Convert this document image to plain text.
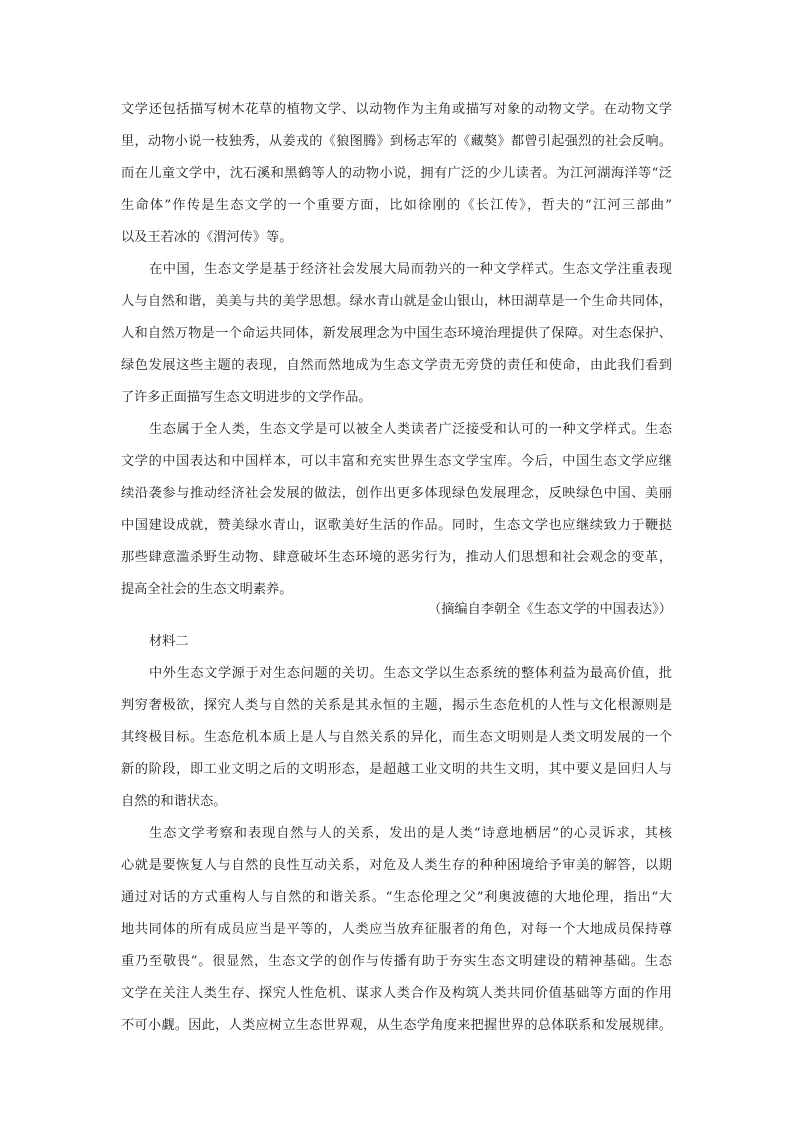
文学还包括描写树木花草的植物文学、以动物作为主角或描写对象的动物文学。在动物文学
里，动物小说一枝独秀，从姜戎的《狼图腾》到杨志军的《藏獒》都曾引起强烈的社会反响。
而在儿童文学中，沈石溪和黑鹤等人的动物小说，拥有广泛的少儿读者。为江河湖海洋等“泛
生命体”作传是生态文学的一个重要方面，比如徐刚的《长江传》，哲夫的“江河三部曲”
以及王若冰的《渭河传》等。
在中国，生态文学是基于经济社会发展大局而勃兴的一种文学样式。生态文学注重表现
人与自然和谐，美美与共的美学思想。绿水青山就是金山银山，林田湖草是一个生命共同体，
人和自然万物是一个命运共同体，新发展理念为中国生态环境治理提供了保障。对生态保护、
绿色发展这些主题的表现，自然而然地成为生态文学责无旁贷的责任和使命，由此我们看到
了许多正面描写生态文明进步的文学作品。
生态属于全人类，生态文学是可以被全人类读者广泛接受和认可的一种文学样式。生态
文学的中国表达和中国样本，可以丰富和充实世界生态文学宝库。今后，中国生态文学应继
续沿袭参与推动经济社会发展的做法，创作出更多体现绿色发展理念，反映绿色中国、美丽
中国建设成就，赞美绿水青山，讴歌美好生活的作品。同时，生态文学也应继续致力于鞭挞
那些肆意滥杀野生动物、肆意破坏生态环境的恶劣行为，推动人们思想和社会观念的变革，
提高全社会的生态文明素养。
（摘编自李朝全《生态文学的中国表达》）
材料二
中外生态文学源于对生态问题的关切。生态文学以生态系统的整体利益为最高价值，批
判穷奢极欲，探究人类与自然的关系是其永恒的主题，揭示生态危机的人性与文化根源则是
其终极目标。生态危机本质上是人与自然关系的异化，而生态文明则是人类文明发展的一个
新的阶段，即工业文明之后的文明形态，是超越工业文明的共生文明，其中要义是回归人与
自然的和谐状态。
生态文学考察和表现自然与人的关系，发出的是人类“诗意地栖居”的心灵诉求，其核
心就是要恢复人与自然的良性互动关系，对危及人类生存的种种困境给予审美的解答，以期
通过对话的方式重构人与自然的和谐关系。“生态伦理之父”利奥波德的大地伦理，指出“大
地共同体的所有成员应当是平等的，人类应当放弃征服者的角色，对每一个大地成员保持尊
重乃至敬畏”。很显然，生态文学的创作与传播有助于夯实生态文明建设的精神基础。生态
文学在关注人类生存、探究人性危机、谋求人类合作及构筑人类共同价值基础等方面的作用
不可小觑。因此，人类应树立生态世界观，从生态学角度来把握世界的总体联系和发展规律。
